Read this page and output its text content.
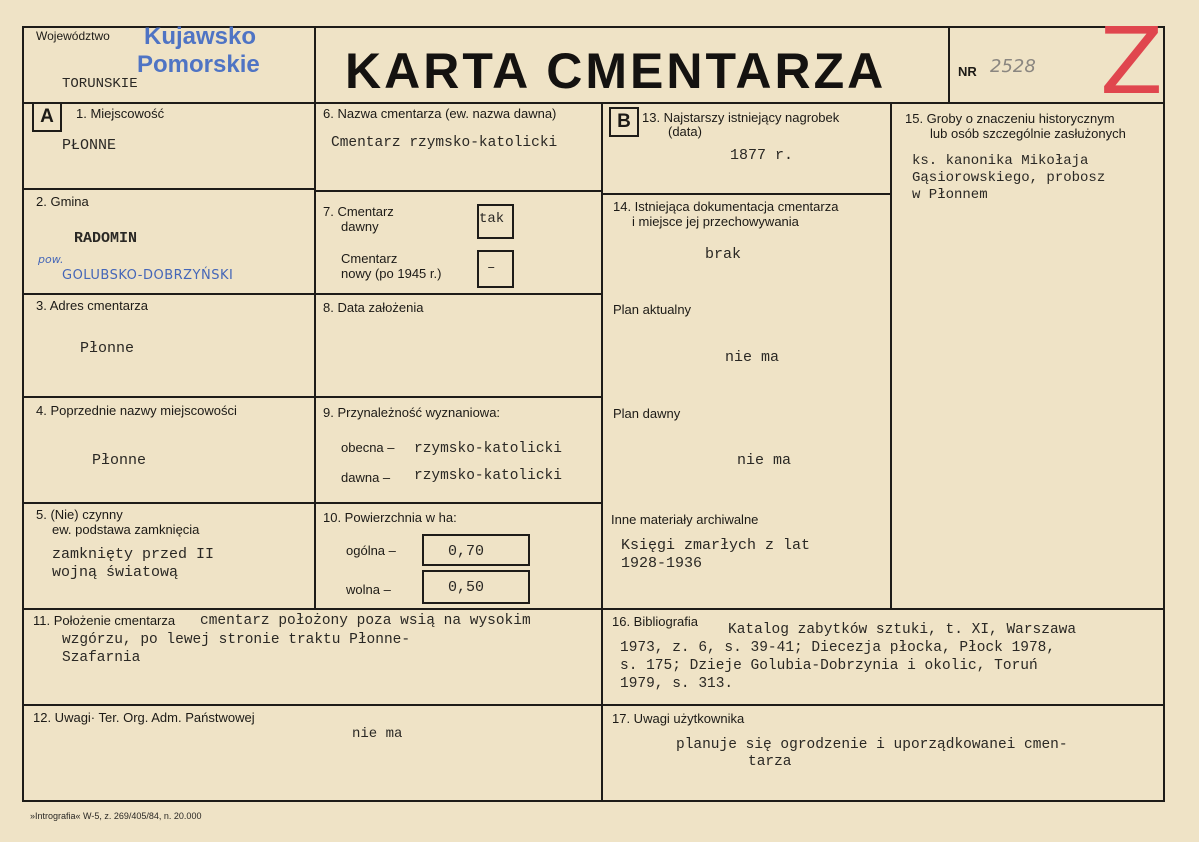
Województwo Kujawsko
Pomorskie
TORUNSKIE	KARTA CMENTARZA	NR 2528 Z
A	1. Miejscowość
PŁONNE
2. Gmina
RADOMIN
pow.
GOLUBSKO-DOBRZYŃSKI
3. Adres cmentarza
Płonne
4. Poprzednie nazwy miejscowości
Płonne
5. (Nie) czynny
ew. podstawa zamknięcia
zamknięty przed II
wojną światową
6. Nazwa cmentarza (ew. nazwa dawna)
Cmentarz rzymsko-katolicki
7. Cmentarz
dawny	tak
Cmentarz
nowy (po 1945 r.)	–
8. Data założenia
9. Przynależność wyznaniowa:
obecna – rzymsko-katolicki
dawna – rzymsko-katolicki
10. Powierzchnia w ha:
ogólna –	0,70
wolna –	0,50
B 13. Najstarszy istniejący nagrobek
(data)
1877 r.
14. Istniejąca dokumentacja cmentarza
i miejsce jej przechowywania
brak
Plan aktualny
nie ma
Plan dawny
nie ma
Inne materiały archiwalne
Księgi zmarłych z lat
1928-1936
15. Groby o znaczeniu historycznym
lub osób szczególnie zasłużonych
ks. kanonika Mikołaja
Gąsiorowskiego, probosz
w Płonnem
11. Położenie cmentarza cmentarz położony poza wsią na wysokim
wzgórzu, po lewej stronie traktu Płonne-
Szafarnia
12. Uwagi· Ter. Org. Adm. Państwowej
nie ma
16. Bibliografia
Katalog zabytków sztuki, t. XI, Warszawa
1973, z. 6, s. 39-41; Diecezja płocka, Płock 1978,
s. 175; Dzieje Golubia-Dobrzynia i okolic, Toruń
1979, s. 313.
17. Uwagi użytkownika
planuje się ogrodzenie i uporządkowanei cmen-
tarza
»Intrografia« W-5, z. 269/405/84, n. 20.000
